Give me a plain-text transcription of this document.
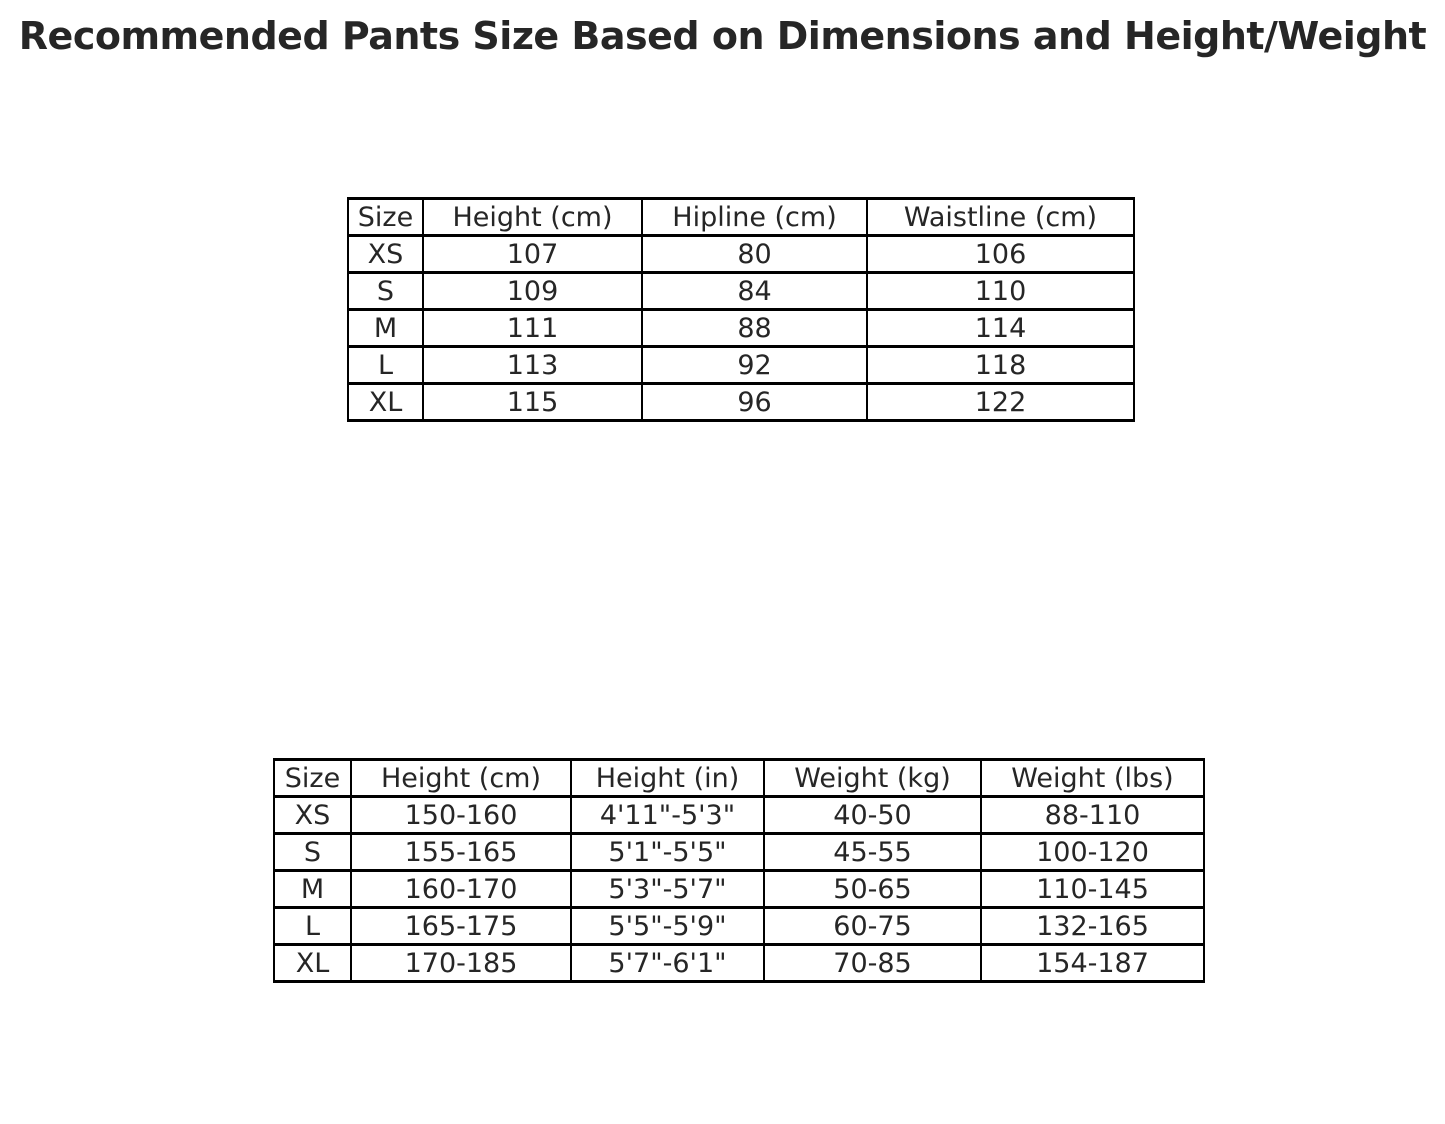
Recommended Pants Size Based on Dimensions and Height/Weight
Size	Height (cm)	Hipline (cm)	Waistline (cm)
XS	107	80	106
S	109	84	110
M	111	88	114
L	113	92	118
XL	115	96	122
Size	Height (cm)	Height (in)	Weight (kg)	Weight (lbs)
XS	150-160	4'11"-5'3"	40-50	88-110
S	155-165	5'1"-5'5"	45-55	100-120
M	160-170	5'3"-5'7"	50-65	110-145
L	165-175	5'5"-5'9"	60-75	132-165
XL	170-185	5'7"-6'1"	70-85	154-187
